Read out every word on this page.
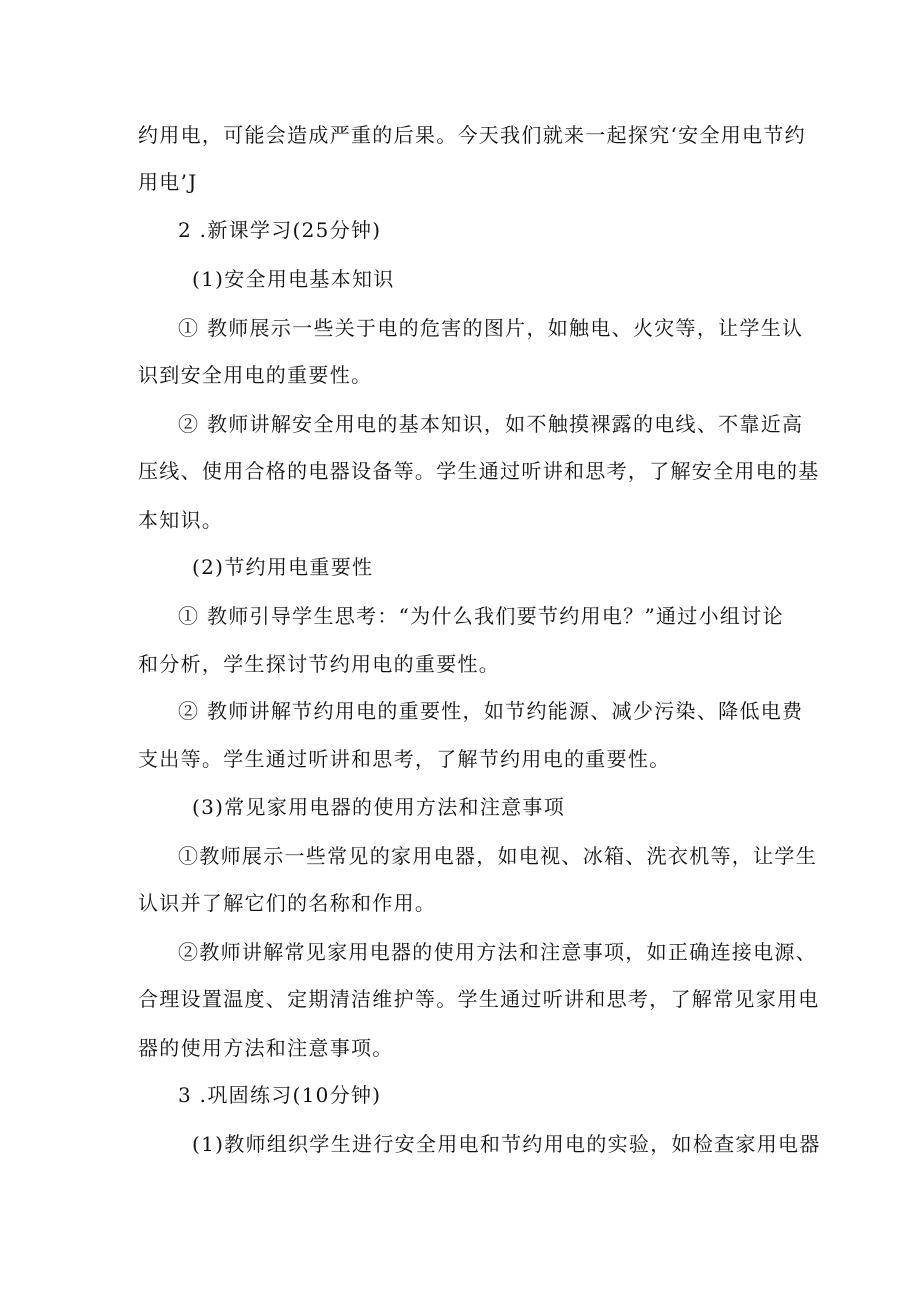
约用电，可能会造成严重的后果。今天我们就来一起探究‘安全用电节约

用电’J

2 .新课学习(25分钟)

(1)安全用电基本知识

① 教师展示一些关于电的危害的图片，如触电、火灾等，让学生认

识到安全用电的重要性。

② 教师讲解安全用电的基本知识，如不触摸裸露的电线、不靠近高

压线、使用合格的电器设备等。学生通过听讲和思考，了解安全用电的基

本知识。

(2)节约用电重要性

① 教师引导学生思考：“为什么我们要节约用电？”通过小组讨论

和分析，学生探讨节约用电的重要性。

② 教师讲解节约用电的重要性，如节约能源、减少污染、降低电费

支出等。学生通过听讲和思考，了解节约用电的重要性。

(3)常见家用电器的使用方法和注意事项

①教师展示一些常见的家用电器，如电视、冰箱、洗衣机等，让学生

认识并了解它们的名称和作用。

②教师讲解常见家用电器的使用方法和注意事项，如正确连接电源、

合理设置温度、定期清洁维护等。学生通过听讲和思考，了解常见家用电

器的使用方法和注意事项。

3 .巩固练习(10分钟)

(1)教师组织学生进行安全用电和节约用电的实验，如检查家用电器
